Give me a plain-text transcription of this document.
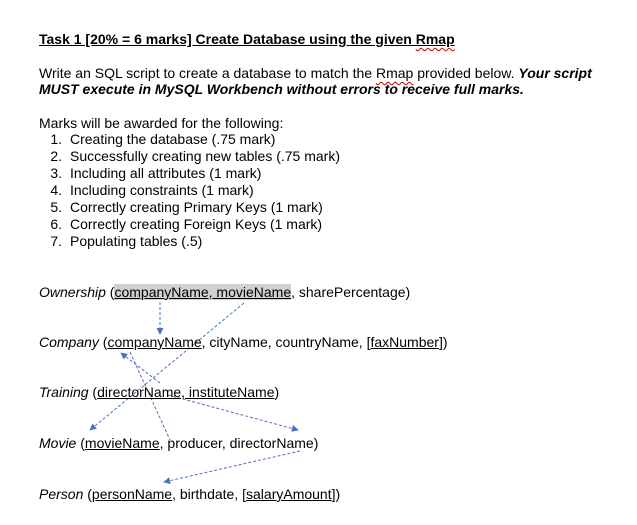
Task 1 [20% = 6 marks] Create Database using the given Rmap
Write an SQL script to create a database to match the Rmap provided below. Your script
MUST execute in MySQL Workbench without errors to receive full marks.
Marks will be awarded for the following:
1. Creating the database (.75 mark)
2. Successfully creating new tables (.75 mark)
3. Including all attributes (1 mark)
4. Including constraints (1 mark)
5. Correctly creating Primary Keys (1 mark)
6. Correctly creating Foreign Keys (1 mark)
7. Populating tables (.5)
Ownership (companyName, movieName, sharePercentage)
Company (companyName, cityName, countryName, [faxNumber])
Training (directorName, instituteName)
Movie (movieName, producer, directorName)
Person (personName, birthdate, [salaryAmount])
